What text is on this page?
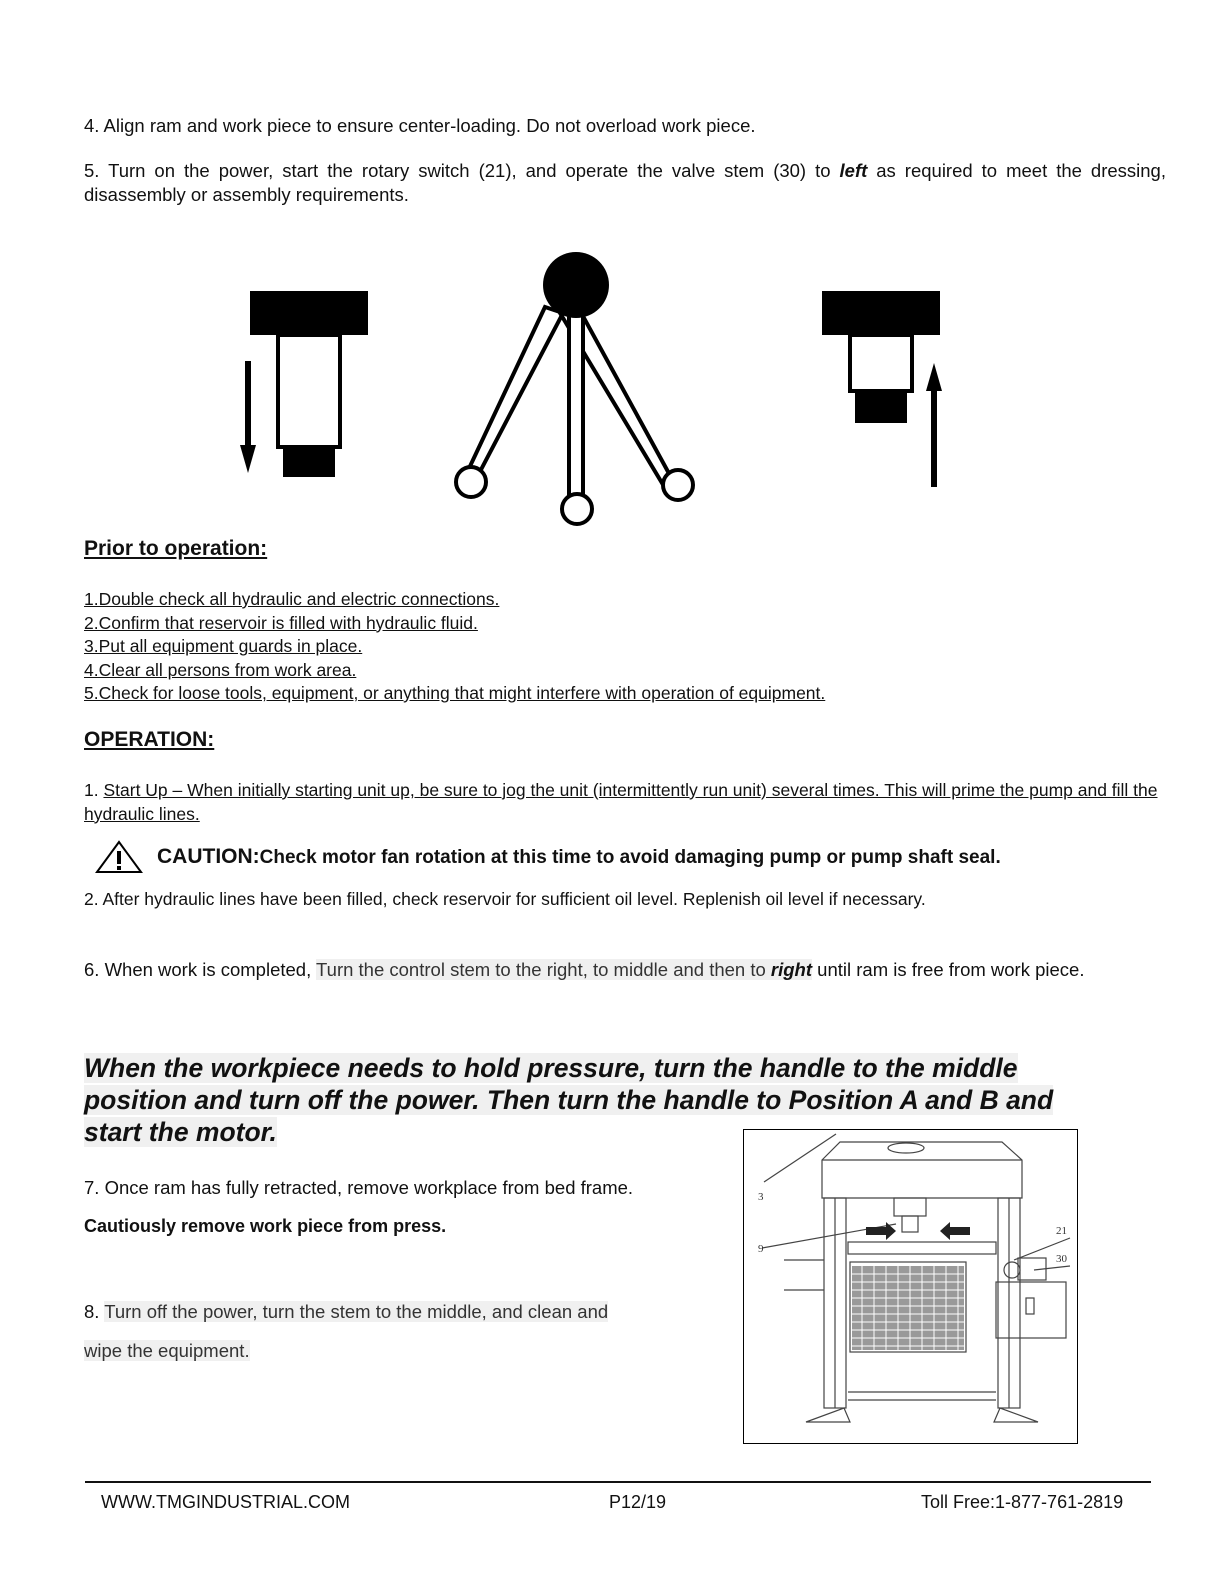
4. Align ram and work piece to ensure center-loading. Do not overload work piece.
5. Turn on the power, start the rotary switch (21), and operate the valve stem (30) to left as required to meet the dressing, disassembly or assembly requirements.
Prior to operation:
1.Double check all hydraulic and electric connections.
2.Confirm that reservoir is filled with hydraulic fluid.
3.Put all equipment guards in place.
4.Clear all persons from work area.
5.Check for loose tools, equipment, or anything that might interfere with operation of equipment.
OPERATION:
1. Start Up – When initially starting unit up, be sure to jog the unit (intermittently run unit) several times. This will prime the pump and fill the hydraulic lines.
CAUTION:Check motor fan rotation at this time to avoid damaging pump or pump shaft seal.
2. After hydraulic lines have been filled, check reservoir for sufficient oil level. Replenish oil level if necessary.
6. When work is completed, Turn the control stem to the right, to middle and then to right until ram is free from work piece.
When the workpiece needs to hold pressure, turn the handle to the middle
position and turn off the power. Then turn the handle to Position A and B and
start the motor.
7. Once ram has fully retracted, remove workplace from bed frame.
Cautiously remove work piece from press.
8. Turn off the power, turn the stem to the middle, and clean and
wipe the equipment.
3
9
21
30
WWW.TMGINDUSTRIAL.COM	P12/19	Toll Free:1-877-761-2819
